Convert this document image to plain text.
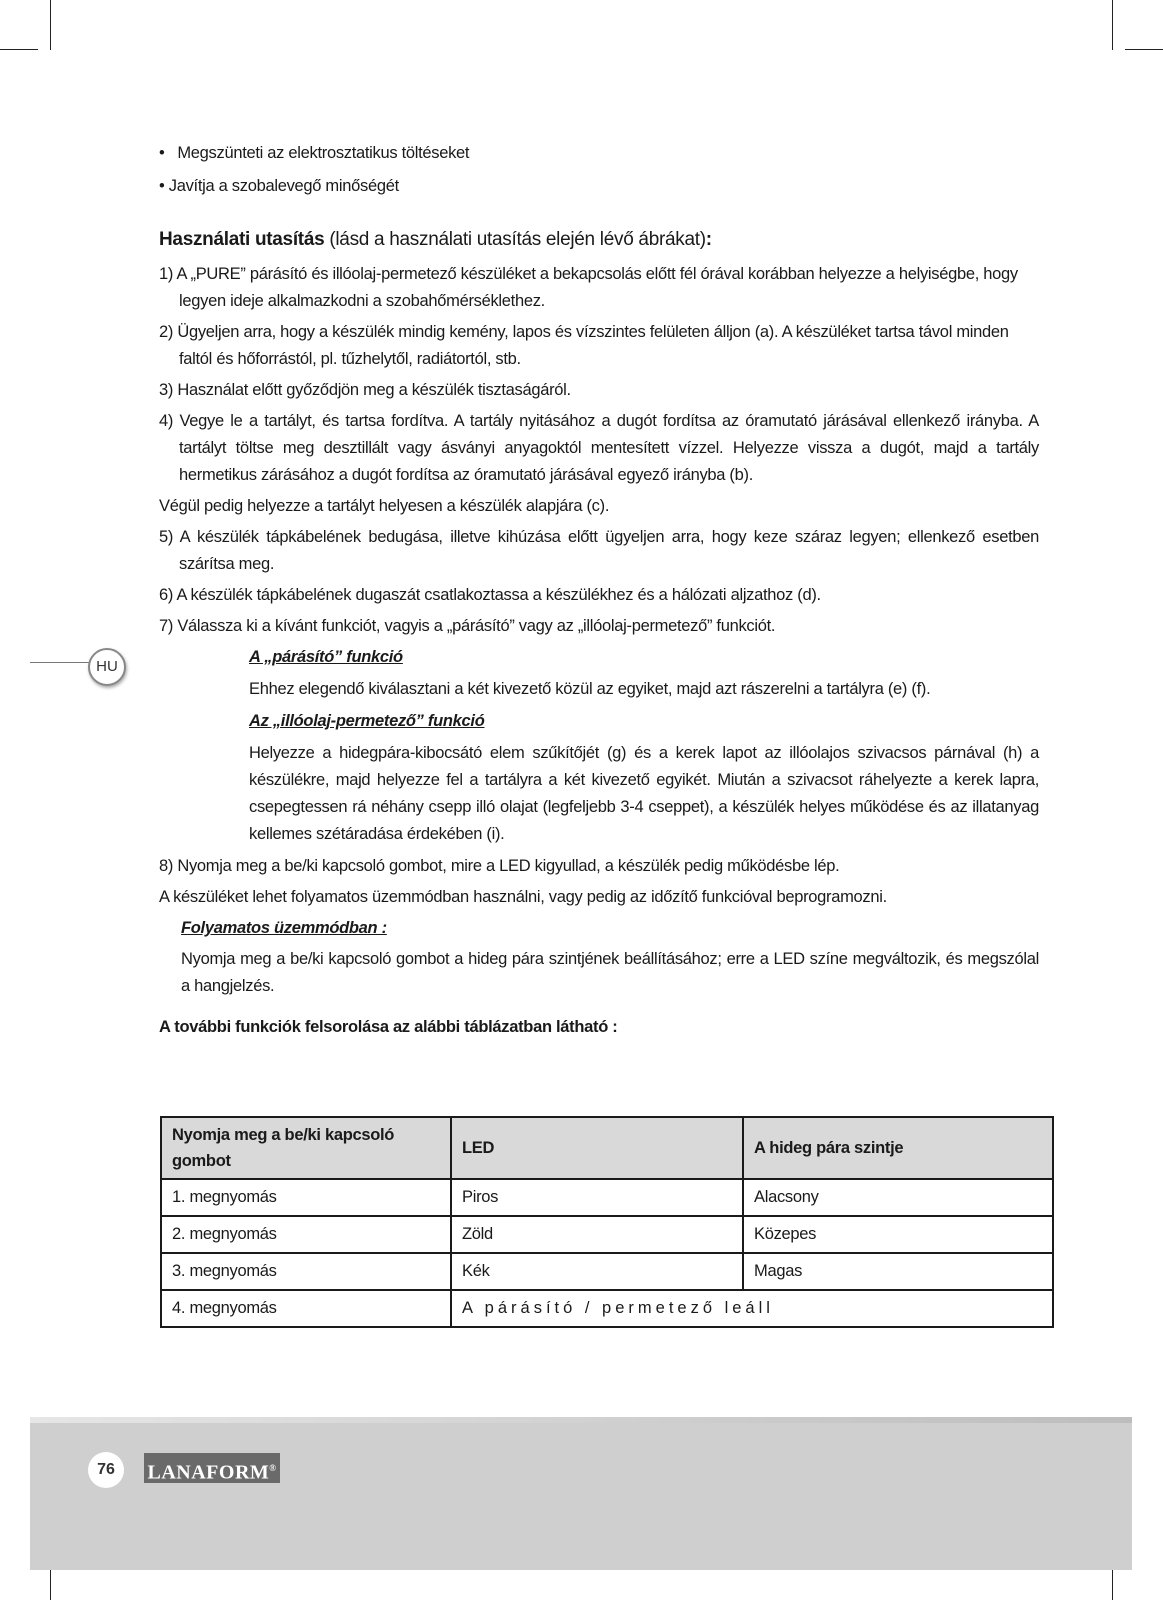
•   Megszünteti az elektrosztatikus töltéseket

• Javítja a szobalevegő minőségét

Használati utasítás (lásd a használati utasítás elején lévő ábrákat):

1) A „PURE” párásító és illóolaj-permetező készüléket a bekapcsolás előtt fél órával korábban helyezze a helyiségbe, hogy legyen ideje alkalmazkodni a szobahőmérséklethez.

2) Ügyeljen arra, hogy a készülék mindig kemény, lapos és vízszintes felületen álljon (a). A készüléket tartsa távol minden faltól és hőforrástól, pl. tűzhelytől, radiátortól, stb.

3) Használat előtt győződjön meg a készülék tisztaságáról.

4) Vegye le a tartályt, és tartsa fordítva. A tartály nyitásához a dugót fordítsa az óramutató járásával ellenkező irányba. A tartályt töltse meg desztillált vagy ásványi anyagoktól mentesített vízzel. Helyezze vissza a dugót, majd a tartály hermetikus zárásához a dugót fordítsa az óramutató járásával egyező irányba (b).

Végül pedig helyezze a tartályt helyesen a készülék alapjára (c).

5) A készülék tápkábelének bedugása, illetve kihúzása előtt ügyeljen arra, hogy keze száraz legyen; ellenkező esetben szárítsa meg.

6) A készülék tápkábelének dugaszát csatlakoztassa a készülékhez és a hálózati aljzathoz (d).

7) Válassza ki a kívánt funkciót, vagyis a „párásító” vagy az „illóolaj-permetező” funkciót.

A „párásító” funkció

Ehhez elegendő kiválasztani a két kivezető közül az egyiket, majd azt rászerelni a tartályra (e) (f).

Az „illóolaj-permetező” funkció

Helyezze a hidegpára-kibocsátó elem szűkítőjét (g) és a kerek lapot az illóolajos szivacsos párnával (h) a készülékre, majd helyezze fel a tartályra a két kivezető egyikét. Miután a szivacsot ráhelyezte a kerek lapra, csepegtessen rá néhány csepp illó olajat (legfeljebb 3-4 cseppet), a készülék helyes működése és az illatanyag kellemes szétáradása érdekében (i).

8) Nyomja meg a be/ki kapcsoló gombot, mire a LED kigyullad, a készülék pedig működésbe lép.

A készüléket lehet folyamatos üzemmódban használni, vagy pedig az időzítő funkcióval beprogramozni.

Folyamatos üzemmódban :

Nyomja meg a be/ki kapcsoló gombot a hideg pára szintjének beállításához; erre a LED színe megváltozik, és megszólal a hangjelzés.

A további funkciók felsorolása az alábbi táblázatban látható :

Nyomja meg a be/ki kapcsoló gombot	LED	A hideg pára szintje
1. megnyomás	Piros	Alacsony
2. megnyomás	Zöld	Közepes
3. megnyomás	Kék	Magas
4. megnyomás	A párásító / permetező leáll	
HU
76	LANAFORM®
